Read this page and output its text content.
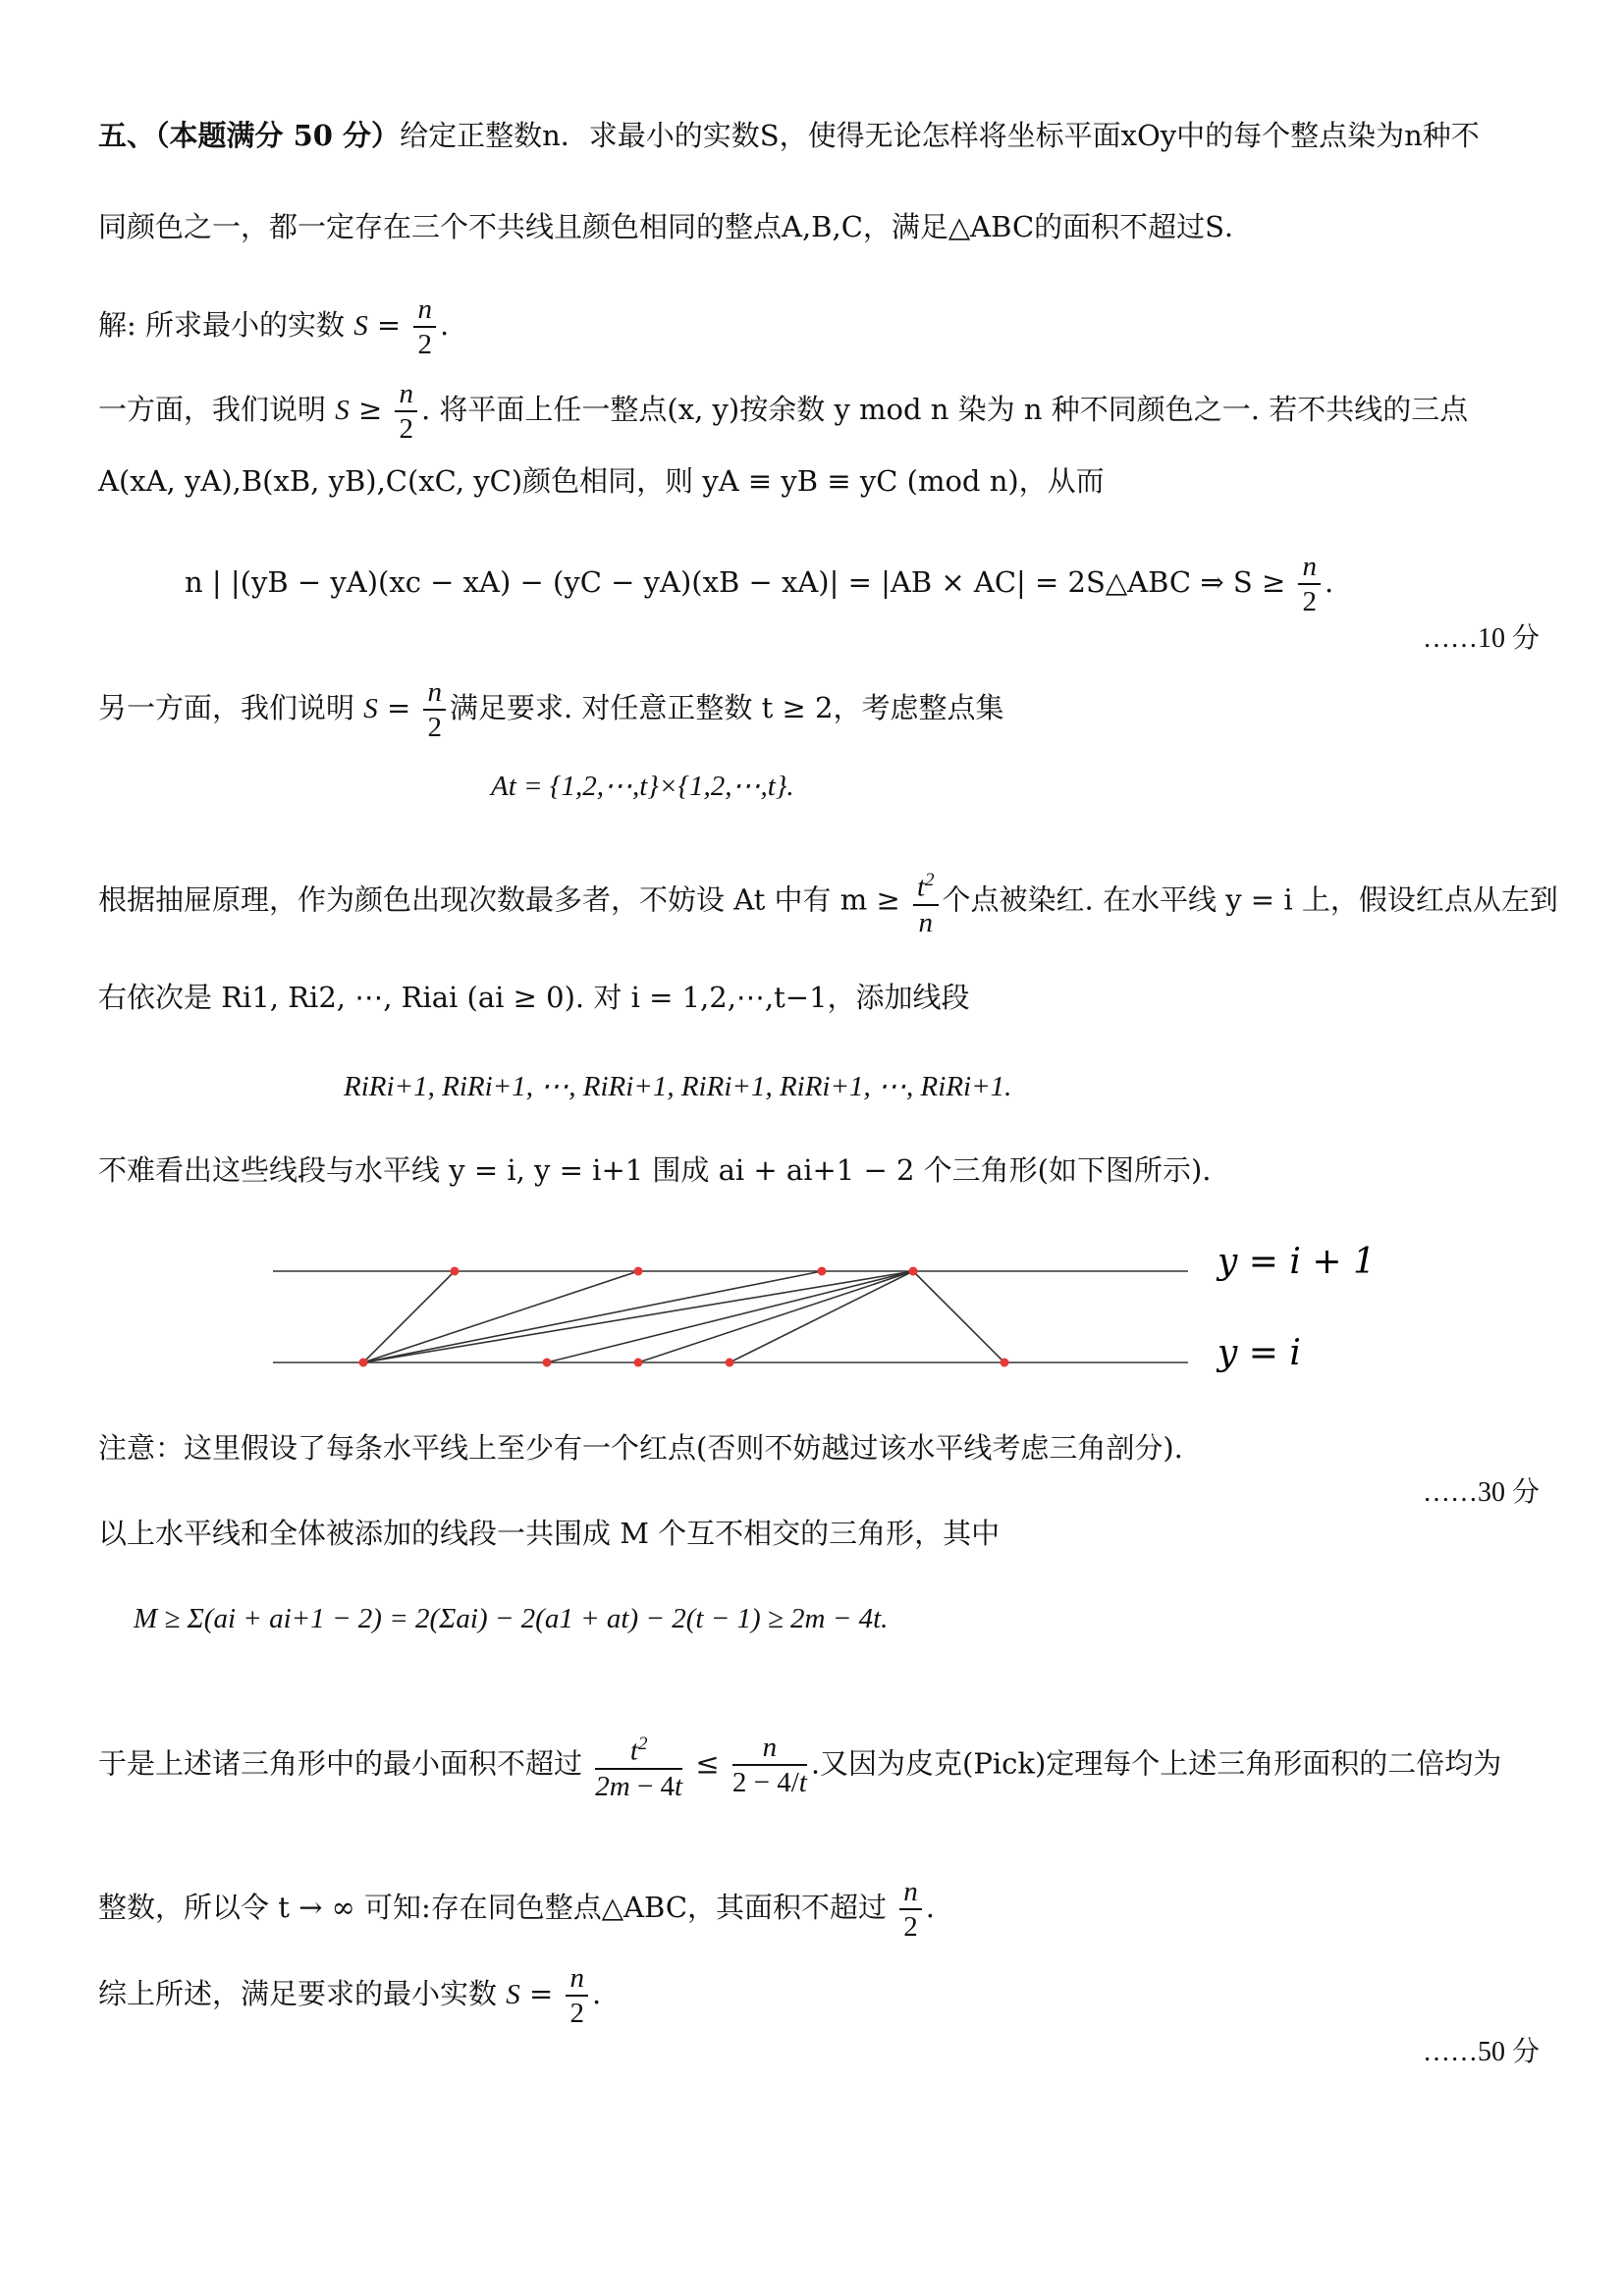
五、（本题满分 50 分）给定正整数n．求最小的实数S，使得无论怎样将坐标平面xOy中的每个整点染为n种不
同颜色之一，都一定存在三个不共线且颜色相同的整点A,B,C，满足△ABC的面积不超过S．
解: 所求最小的实数 $S = \frac{n}{2}$ .
一方面，我们说明 $S \ge \frac{n}{2}$ . 将平面上任一整点(x, y)按余数 y mod n 染为 n 种不同颜色之一. 若不共线的三点
A(xA, yA),B(xB, yB),C(xC, yC)颜色相同，则 yA ≡ yB ≡ yC (mod n)，从而
n | |(yB − yA)(xc − xA) − (yC − yA)(xB − xA)| = |AB × AC| = 2S△ABC ⇒ $S \ge \frac{n}{2}$ .
……10 分
另一方面，我们说明 $S = \frac{n}{2}$ 满足要求. 对任意正整数 t ≥ 2，考虑整点集
At = {1,2,⋯,t}×{1,2,⋯,t}.
根据抽屉原理，作为颜色出现次数最多者，不妨设 At 中有 $m \ge \frac{t^2}{n}$ 个点被染红. 在水平线 y = i 上，假设红点从左到
右依次是 Ri1, Ri2, ⋯, Riai (ai ≥ 0). 对 i = 1,2,⋯,t−1，添加线段
RiRi+1, RiRi+1, ⋯, RiRi+1, RiRi+1, RiRi+1, ⋯, RiRi+1.
不难看出这些线段与水平线 y = i, y = i+1 围成 ai + ai+1 − 2 个三角形(如下图所示).
y = i + 1
y = i
注意：这里假设了每条水平线上至少有一个红点(否则不妨越过该水平线考虑三角剖分).
……30 分
以上水平线和全体被添加的线段一共围成 M 个互不相交的三角形，其中
M ≥ Σ(ai + ai+1 − 2) = 2(Σai) − 2(a1 + at) − 2(t − 1) ≥ 2m − 4t.
于是上述诸三角形中的最小面积不超过 $\frac{t^2}{2m - 4t} \le \frac{n}{2 - 4/t}$ .又因为皮克(Pick)定理每个上述三角形面积的二倍均为
整数，所以令 t → ∞ 可知:存在同色整点△ABC，其面积不超过 $\frac{n}{2}$ .
综上所述，满足要求的最小实数 $S = \frac{n}{2}$ .
……50 分
